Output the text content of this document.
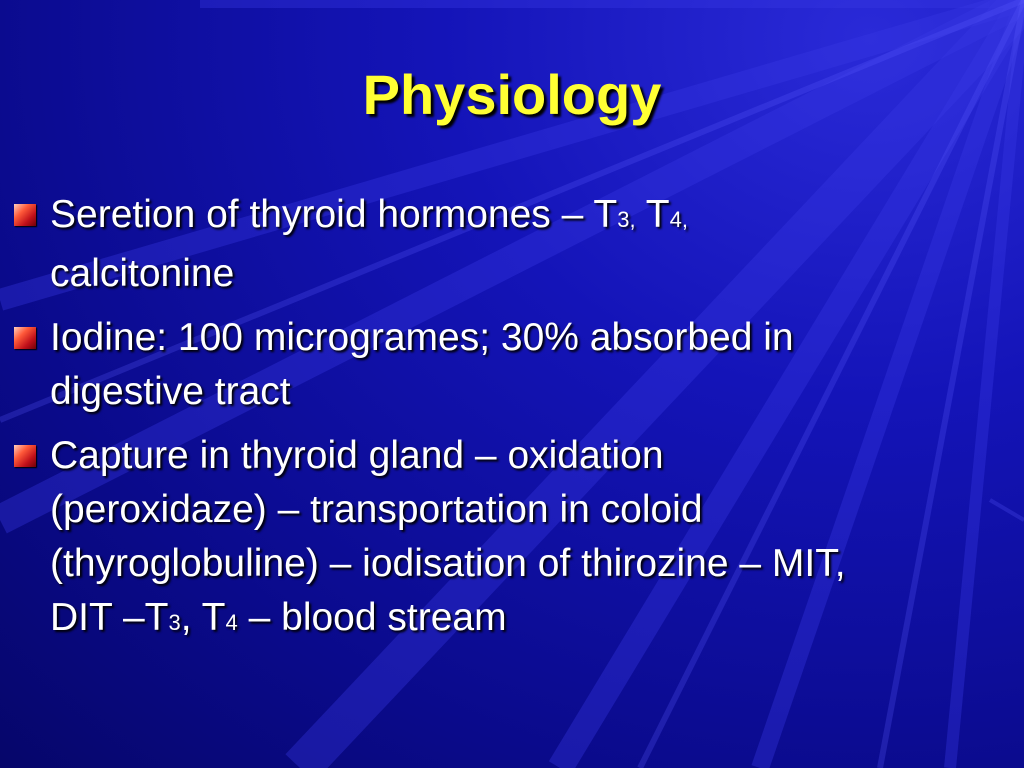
Physiology
Seretion of thyroid hormones – T3, T4,
calcitonine
Iodine: 100 microgrames; 30% absorbed in
digestive tract
Capture in thyroid gland – oxidation
(peroxidaze) – transportation in coloid
(thyroglobuline) – iodisation of thirozine – MIT,
DIT –T3, T4 – blood stream
